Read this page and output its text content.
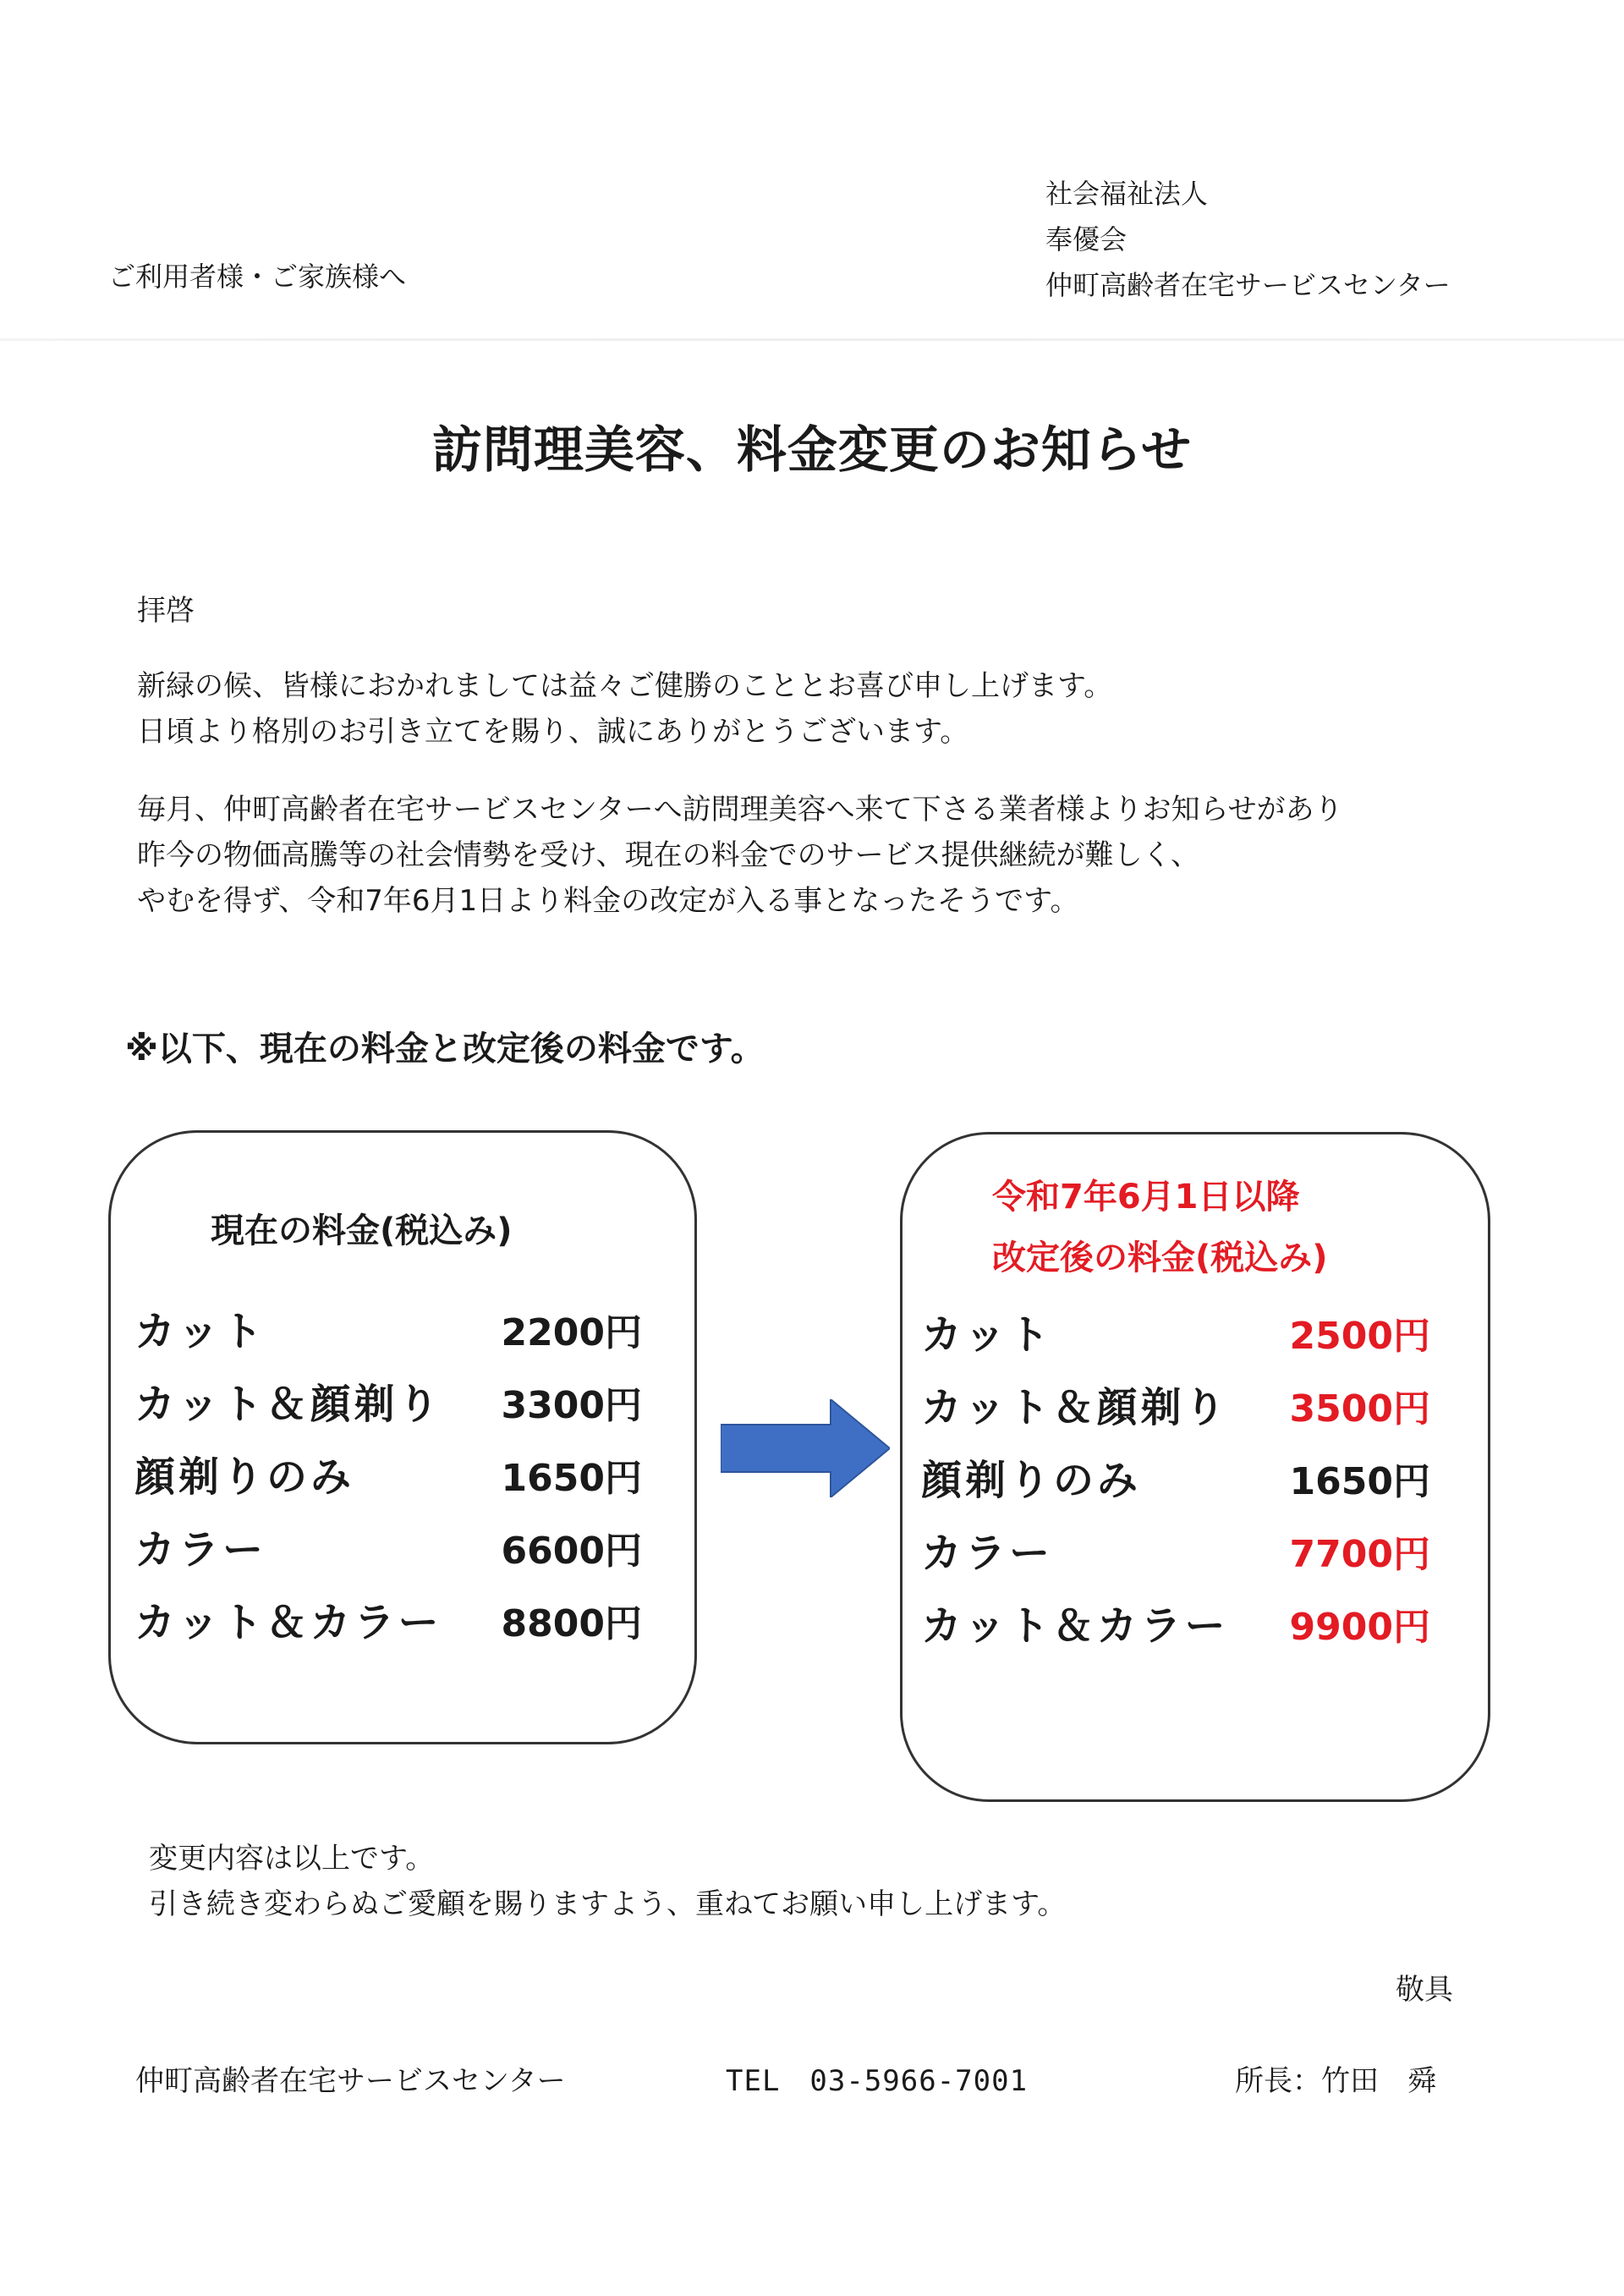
ご利用者様・ご家族様へ
社会福祉法人
奉優会
仲町高齢者在宅サービスセンター
訪問理美容、料金変更のお知らせ
拝啓
新緑の候、皆様におかれましては益々ご健勝のこととお喜び申し上げます。
日頃より格別のお引き立てを賜り、誠にありがとうございます。
毎月、仲町高齢者在宅サービスセンターへ訪問理美容へ来て下さる業者様よりお知らせがあり
昨今の物価高騰等の社会情勢を受け、現在の料金でのサービス提供継続が難しく、
やむを得ず、令和7年6月1日より料金の改定が入る事となったそうです。
※以下、現在の料金と改定後の料金です。
現在の料金(税込み)
カット	2200円
カット＆顔剃り	3300円
顔剃りのみ	1650円
カラー	6600円
カット＆カラー	8800円
令和7年6月1日以降
改定後の料金(税込み)
カット	2500円
カット＆顔剃り	3500円
顔剃りのみ	1650円
カラー	7700円
カット＆カラー	9900円
変更内容は以上です。
引き続き変わらぬご愛顧を賜りますよう、重ねてお願い申し上げます。
敬具
仲町高齢者在宅サービスセンター	TEL　03-5966-7001	所長：竹田　舜
